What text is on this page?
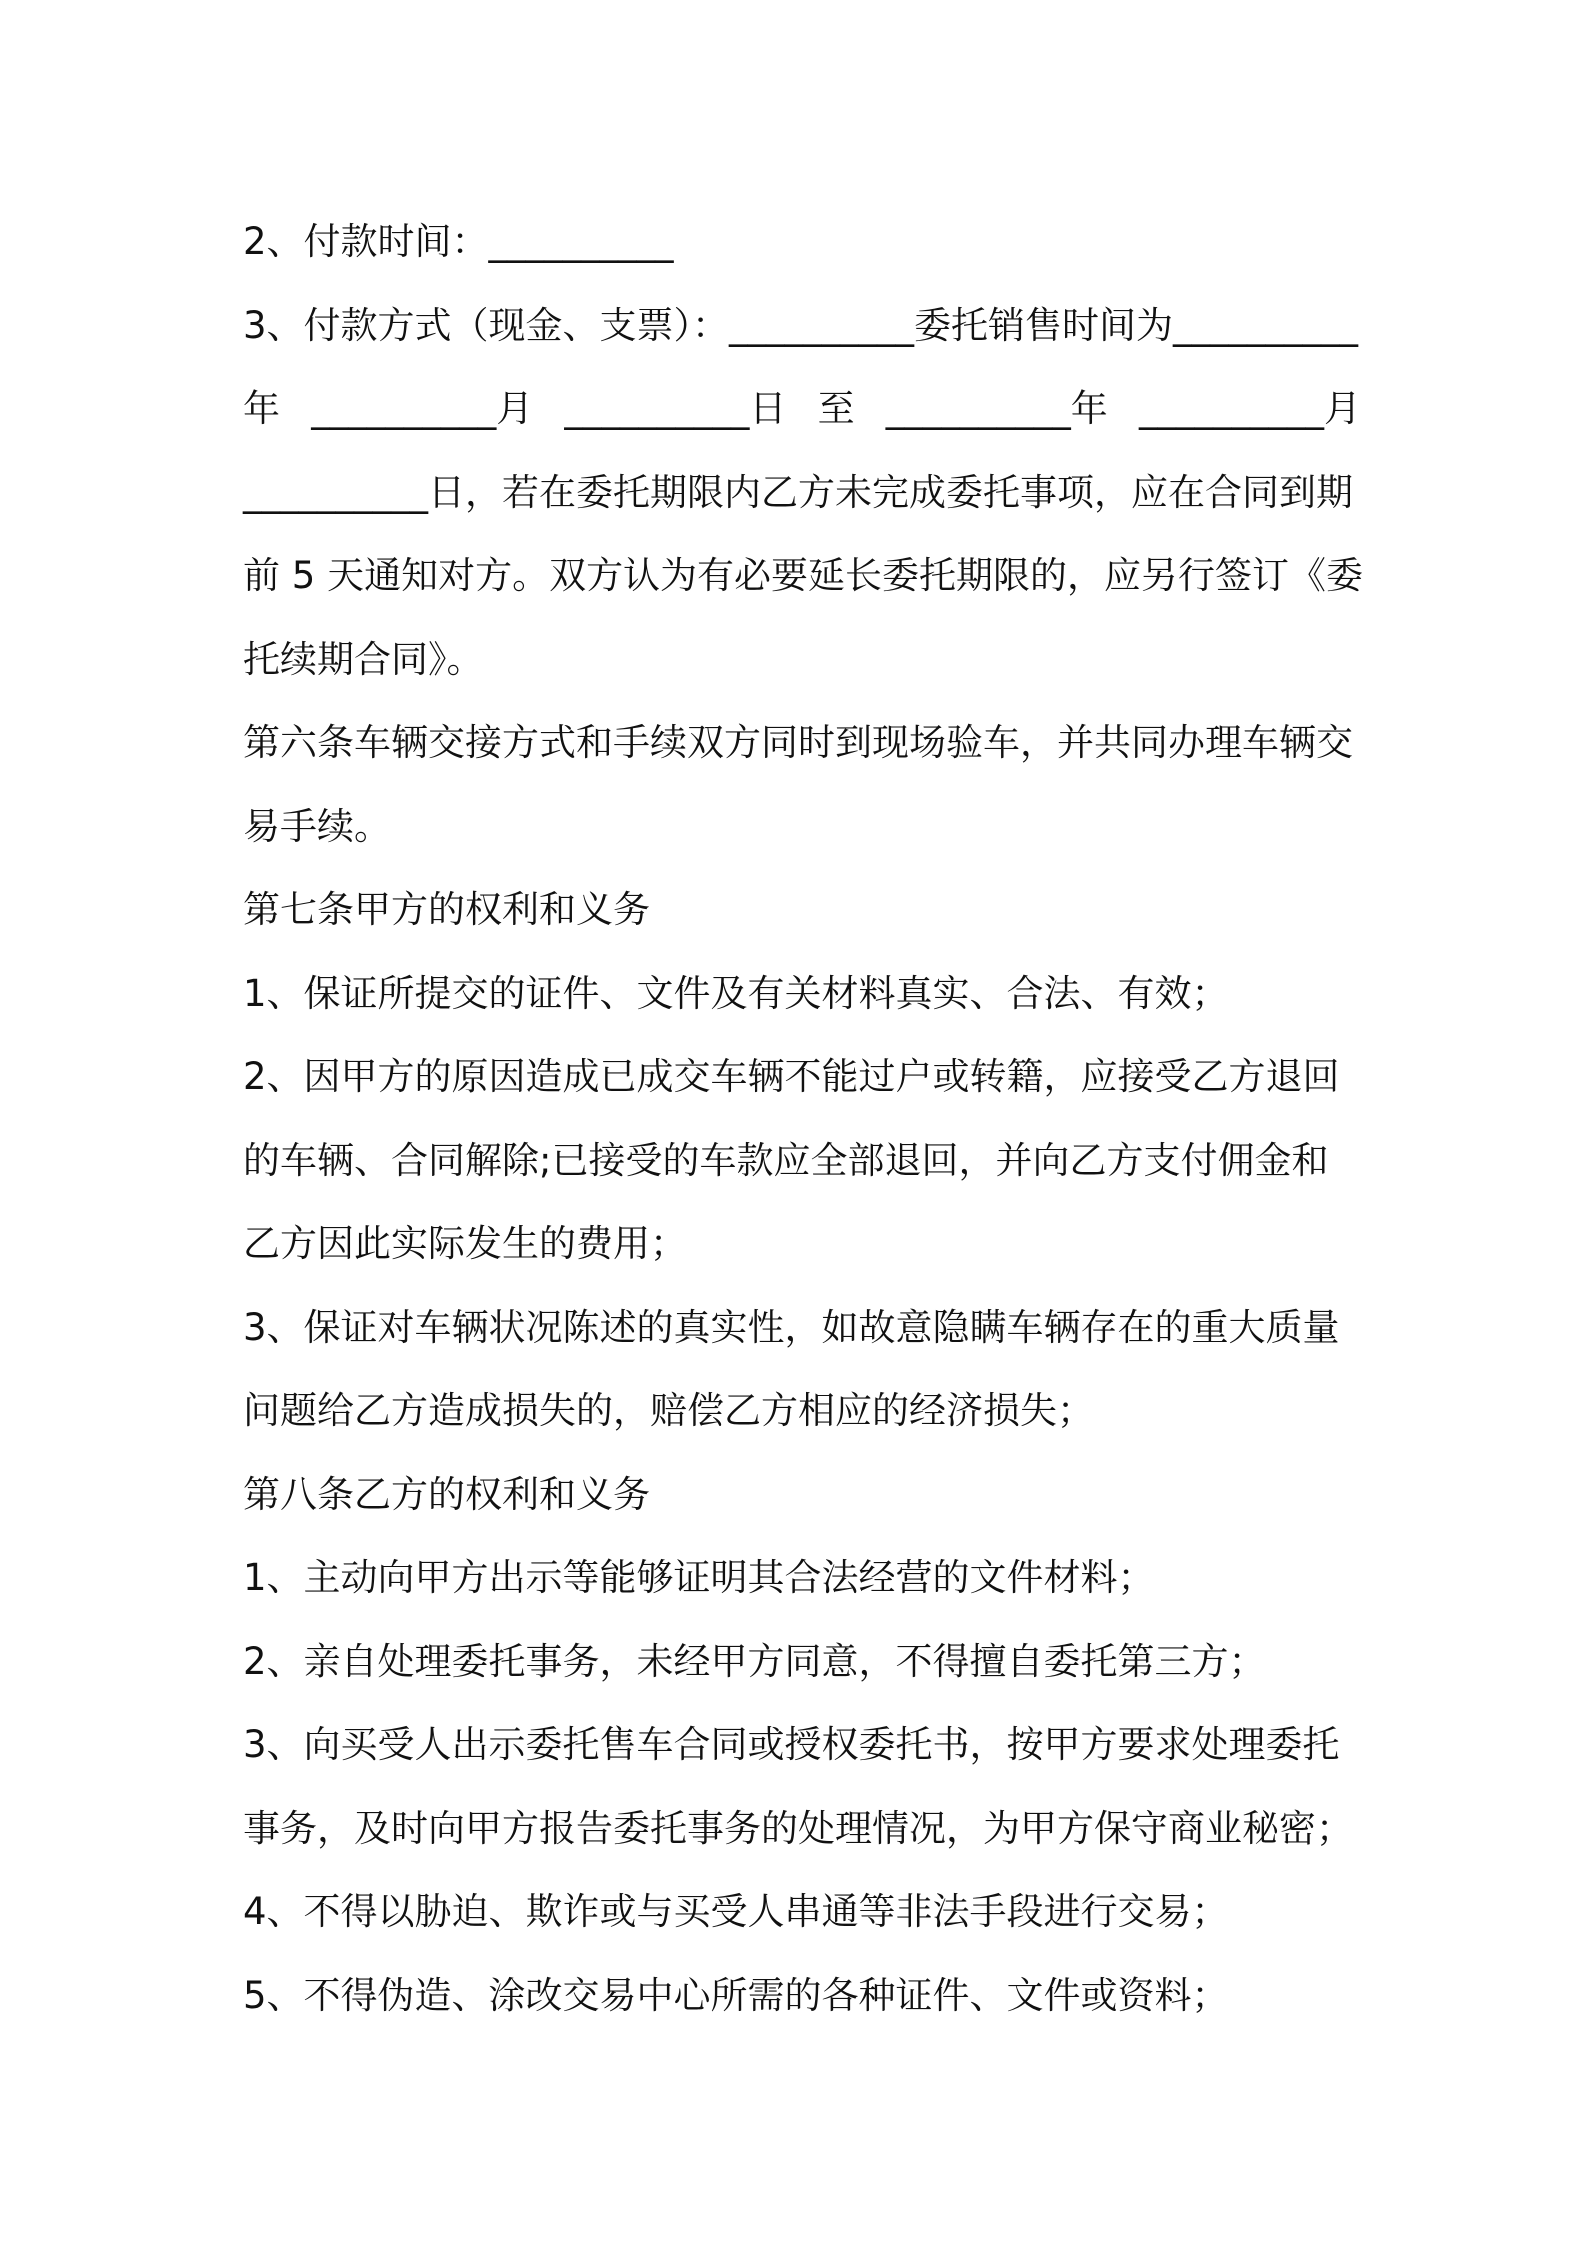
2、付款时间：__________
3、付款方式（现金、支票）：__________委托销售时间为__________
年 __________月 __________日 至 __________年 __________月
__________日，若在委托期限内乙方未完成委托事项，应在合同到期
前 5 天通知对方。双方认为有必要延长委托期限的，应另行签订《委
托续期合同》。
第六条车辆交接方式和手续双方同时到现场验车，并共同办理车辆交
易手续。
第七条甲方的权利和义务
1、保证所提交的证件、文件及有关材料真实、合法、有效；
2、因甲方的原因造成已成交车辆不能过户或转籍，应接受乙方退回
的车辆、合同解除;已接受的车款应全部退回，并向乙方支付佣金和
乙方因此实际发生的费用；
3、保证对车辆状况陈述的真实性，如故意隐瞒车辆存在的重大质量
问题给乙方造成损失的，赔偿乙方相应的经济损失；
第八条乙方的权利和义务
1、主动向甲方出示等能够证明其合法经营的文件材料；
2、亲自处理委托事务，未经甲方同意，不得擅自委托第三方；
3、向买受人出示委托售车合同或授权委托书，按甲方要求处理委托
事务，及时向甲方报告委托事务的处理情况，为甲方保守商业秘密；
4、不得以胁迫、欺诈或与买受人串通等非法手段进行交易；
5、不得伪造、涂改交易中心所需的各种证件、文件或资料；
